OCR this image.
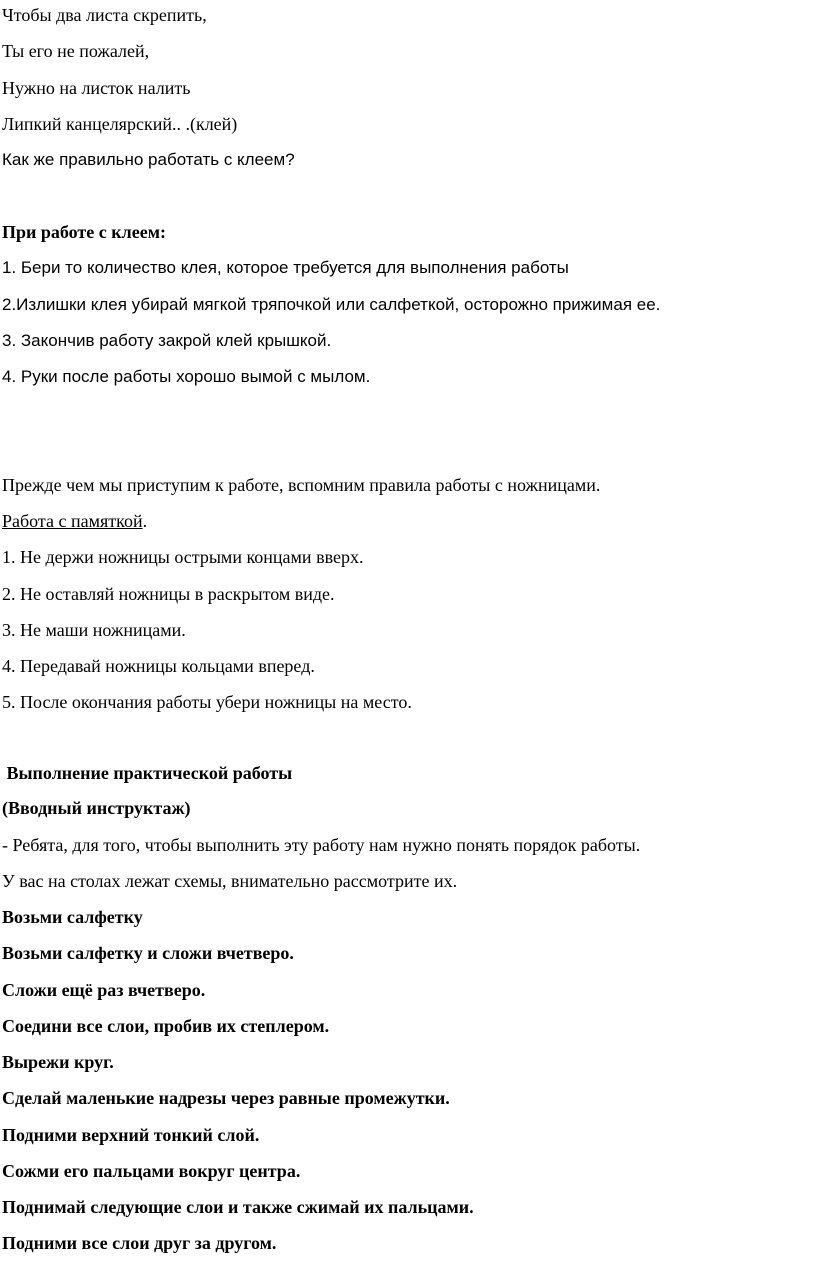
Чтобы два листа скрепить,
Ты его не пожалей,
Нужно на листок налить
Липкий канцелярский.. .(клей)
Как же правильно работать с клеем?
При работе с клеем:
1. Бери то количество клея, которое требуется для выполнения работы
2.Излишки клея убирай мягкой тряпочкой или салфеткой, осторожно прижимая ее.
3. Закончив работу закрой клей крышкой.
4. Руки после работы хорошо вымой с мылом.
Прежде чем мы приступим к работе, вспомним правила работы с ножницами.
Работа с памяткой.
1. Не держи ножницы острыми концами вверх.
2. Не оставляй ножницы в раскрытом виде.
3. Не маши ножницами.
4. Передавай ножницы кольцами вперед.
5. После окончания работы убери ножницы на место.
Выполнение практической работы
(Вводный инструктаж)
- Ребята, для того, чтобы выполнить эту работу нам нужно понять порядок работы.
У вас на столах лежат схемы, внимательно рассмотрите их.
Возьми салфетку
Возьми салфетку и сложи вчетверо.
Сложи ещё раз вчетверо.
Соедини все слои, пробив их степлером.
Вырежи круг.
Сделай маленькие надрезы через равные промежутки.
Подними верхний тонкий слой.
Сожми его пальцами вокруг центра.
Поднимай следующие слои и также сжимай их пальцами.
Подними все слои друг за другом.
